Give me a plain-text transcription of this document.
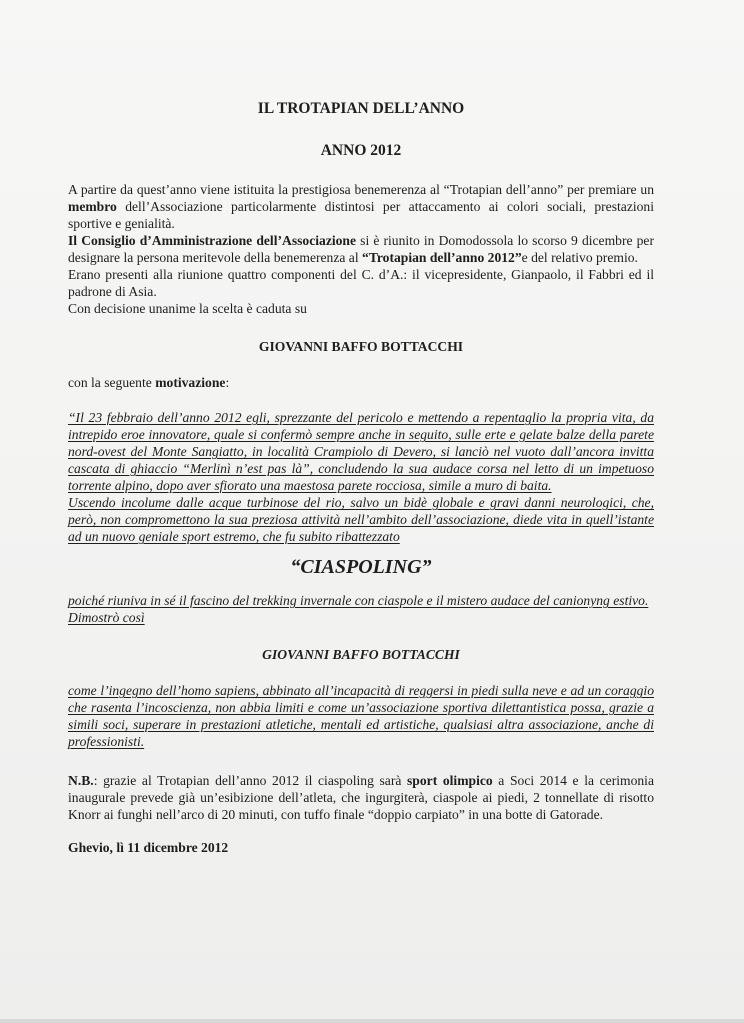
IL TROTAPIAN DELL’ANNO
ANNO 2012

A partire da quest’anno viene istituita la prestigiosa benemerenza al “Trotapian dell’anno” per premiare un membro dell’Associazione particolarmente distintosi per attaccamento ai colori sociali, prestazioni sportive e genialità.

Il Consiglio d’Amministrazione dell’Associazione si è riunito in Domodossola lo scorso 9 dicembre per designare la persona meritevole della benemerenza al “Trotapian dell’anno 2012”e del relativo premio.

Erano presenti alla riunione quattro componenti del C. d’A.: il vicepresidente, Gianpaolo, il Fabbri ed il padrone di Asia.

Con decisione unanime la scelta è caduta su

GIOVANNI BAFFO BOTTACCHI

con la seguente motivazione:

“Il 23 febbraio dell’anno 2012 egli, sprezzante del pericolo e mettendo a repentaglio la propria vita, da intrepido eroe innovatore, quale si confermò sempre anche in seguito, sulle erte e gelate balze della parete nord-ovest del Monte Sangiatto, in località Crampiolo di Devero, si lanciò nel vuoto dall’ancora invitta cascata di ghiaccio “Merlinì n’est pas là”, concludendo la sua audace corsa nel letto di un impetuoso torrente alpino, dopo aver sfiorato una maestosa parete rocciosa, simile a muro di baita.

Uscendo incolume dalle acque turbinose del rio, salvo un bidè globale e gravi danni neurologici, che, però, non compromettono la sua preziosa attività nell’ambito dell’associazione, diede vita in quell’istante ad un nuovo geniale sport estremo, che fu subito ribattezzato

“CIASPOLING”

poiché riuniva in sé il fascino del trekking invernale con ciaspole e il mistero audace del canionyng estivo.

Dimostrò così

GIOVANNI BAFFO BOTTACCHI

come l’ingegno dell’homo sapiens, abbinato all’incapacità di reggersi in piedi sulla neve e ad un coraggio che rasenta l’incoscienza, non abbia limiti e come un’associazione sportiva dilettantistica possa, grazie a simili soci, superare in prestazioni atletiche, mentali ed artistiche, qualsiasi altra associazione, anche di professionisti.

N.B.: grazie al Trotapian dell’anno 2012 il ciaspoling sarà sport olimpico a Soci 2014 e la cerimonia inaugurale prevede già un’esibizione dell’atleta, che ingurgiterà, ciaspole ai piedi, 2 tonnellate di risotto Knorr ai funghi nell’arco di 20 minuti, con tuffo finale “doppio carpiato” in una botte di Gatorade.

Ghevio, lì 11 dicembre 2012
